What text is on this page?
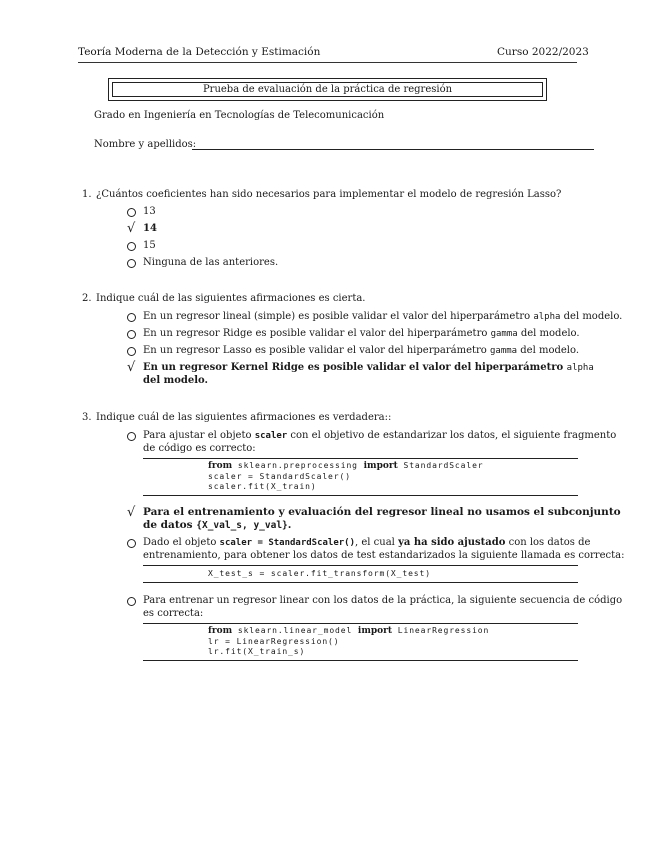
Teoría Moderna de la Detección y Estimación	Curso 2022/2023
Prueba de evaluación de la práctica de regresión
Grado en Ingeniería en Tecnologías de Telecomunicación
Nombre y apellidos:
1. ¿Cuántos coeficientes han sido necesarios para implementar el modelo de regresión Lasso?
13
√ 14
15
Ninguna de las anteriores.
2. Indique cuál de las siguientes afirmaciones es cierta.
En un regresor lineal (simple) es posible validar el valor del hiperparámetro alpha del modelo.
En un regresor Ridge es posible validar el valor del hiperparámetro gamma del modelo.
En un regresor Lasso es posible validar el valor del hiperparámetro gamma del modelo.
√ En un regresor Kernel Ridge es posible validar el valor del hiperparámetro alpha
del modelo.
3. Indique cuál de las siguientes afirmaciones es verdadera::
Para ajustar el objeto scaler con el objetivo de estandarizar los datos, el siguiente fragmento
de código es correcto:
from sklearn.preprocessing import StandardScaler
scaler = StandardScaler()
scaler.fit(X_train)
√ Para el entrenamiento y evaluación del regresor lineal no usamos el subconjunto
de datos {X_val_s, y_val}.
Dado el objeto scaler = StandardScaler(), el cual ya ha sido ajustado con los datos de
entrenamiento, para obtener los datos de test estandarizados la siguiente llamada es correcta:
X_test_s = scaler.fit_transform(X_test)
Para entrenar un regresor linear con los datos de la práctica, la siguiente secuencia de código
es correcta:
from sklearn.linear_model import LinearRegression
lr = LinearRegression()
lr.fit(X_train_s)
